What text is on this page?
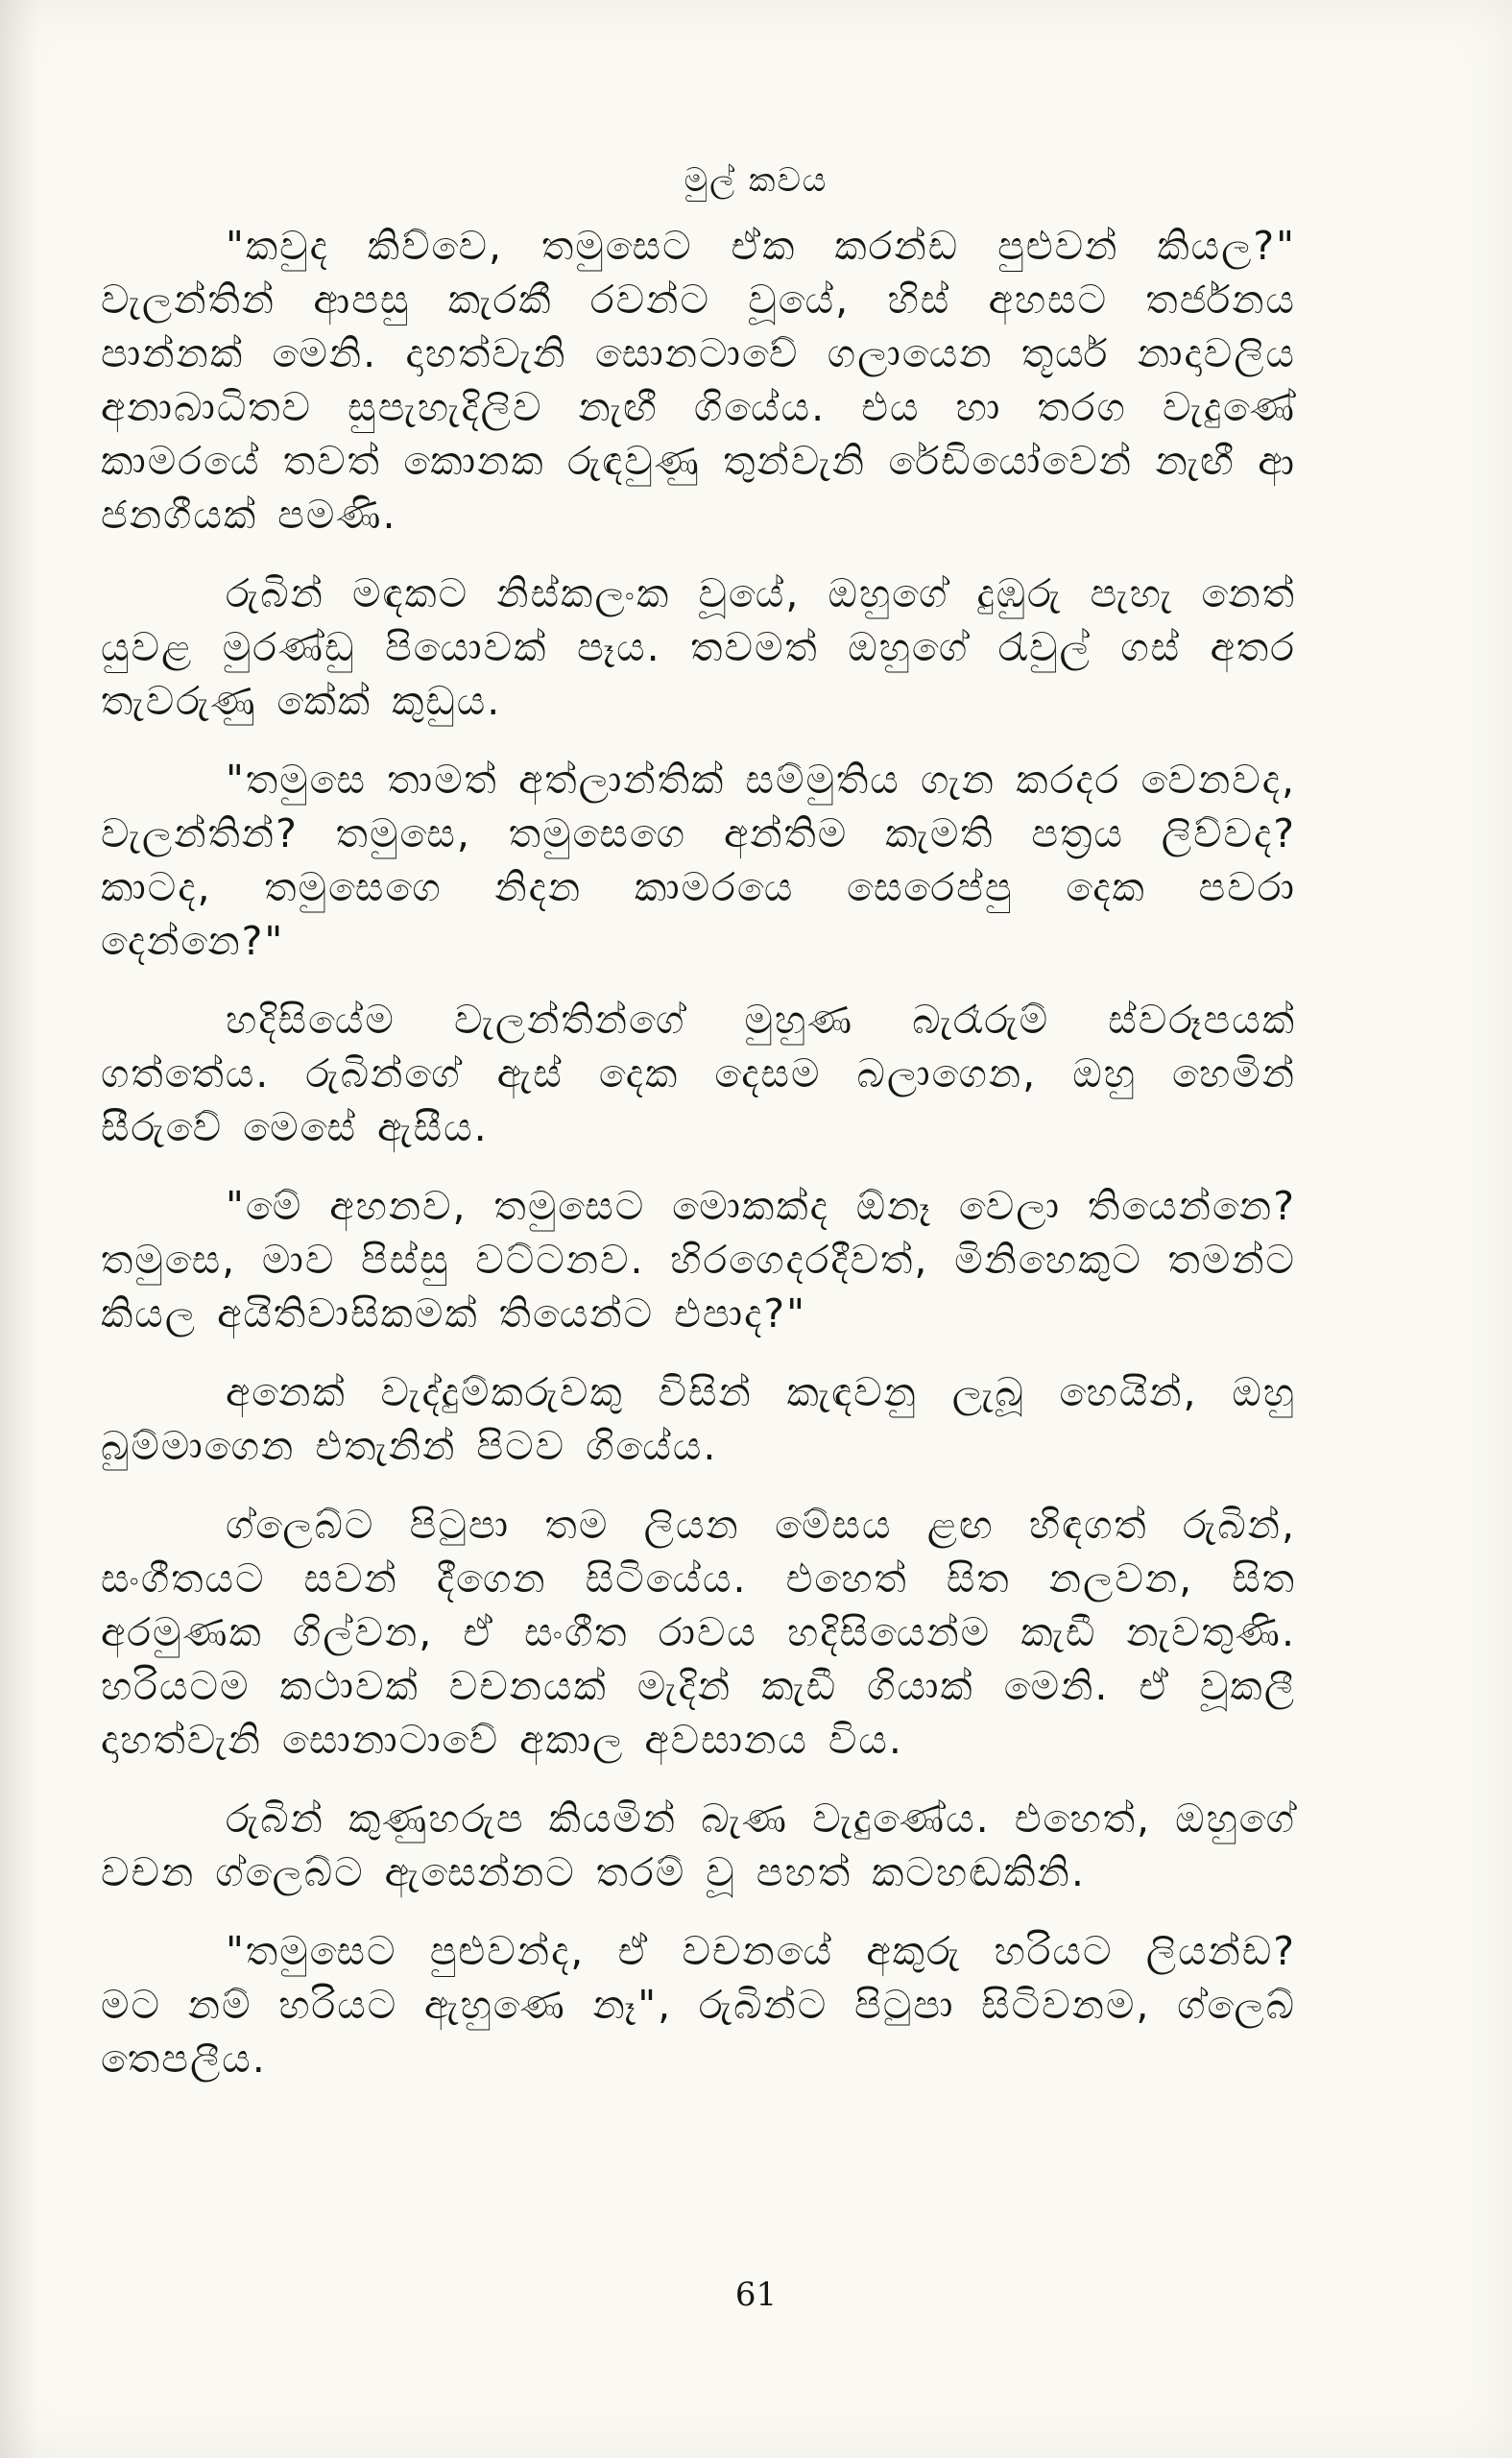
මුල් කවය

"කවුද කිව්වෙ, තමුසෙට ඒක කරන්ඩ පුළුවන් කියල?" වැලන්තින් ආපසු කැරකී රවන්ට වූයේ, හිස් අහසට තර්ජනය පාන්නක් මෙනි. දාහත්වැනි සොනටාවේ ගලායෙන තූර්ය නාදාවලිය අනාබාධිතව සුපැහැදිලිව නැඟී ගියේය. එය හා තරග වැදුණේ කාමරයේ තවත් කොනක රුඳවුණු තුන්වැනි රේඩියෝවෙන් නැඟී ආ ජනගීයක් පමණි.

රුබින් මඳකට නිස්කලංක වූයේ, ඔහුගේ දුඹුරු පැහැ නෙත් යුවළ මුරණ්ඩු පියොවක් පෑය. තවමත් ඔහුගේ රැවුල් ගස් අතර තැවරුණු කේක් කුඩුය.

"තමුසෙ තාමත් අත්ලාන්තික් සම්මුතිය ගැන කරදර වෙනවද, වැලන්තින්? තමුසෙ, තමුසෙගෙ අන්තිම කැමති පත්‍රය ලිව්වද? කාටද, තමුසෙගෙ නිදන කාමරයෙ සෙරෙප්පු දෙක පවරා දෙන්නෙ?"

හදිසියේම වැලන්තින්ගේ මුහුණ බැරෑරුම් ස්වරූපයක් ගත්තේය. රුබින්ගේ ඇස් දෙක දෙසම බලාගෙන, ඔහු හෙමින් සීරුවේ මෙසේ ඇසීය.

"මේ අහනව, තමුසෙට මොකක්ද ඕනෑ වෙලා තියෙන්නෙ? තමුසෙ, මාව පිස්සු වට්ටනව. හිරගෙදරදීවත්, මිනිහෙකුට තමන්ට කියල අයිතිවාසිකමක් තියෙන්ට එපාද?"

අනෙක් වැද්දුම්කරුවකු විසින් කැඳවනු ලැබූ හෙයින්, ඔහු බුම්මාගෙන එතැනින් පිටව ගියේය.

ග්ලෙබ්ට පිටුපා තම ලියන මේසය ළඟ හිඳගත් රුබින්, සංගීතයට සවන් දීගෙන සිටියේය. එහෙත් සිත නලවන, සිත අරමුණක ගිල්වන, ඒ සංගීත රාවය හදිසියෙන්ම කැඩී නැවතුණි. හරියටම කථාවක් වචනයක් මැදින් කැඩී ගියාක් මෙනි. ඒ වූකලී දාහත්වැනි සොනාටාවේ අකාල අවසානය විය.

රුබින් කුණුහරුප කියමින් බැණ වැදුණේය. එහෙත්, ඔහුගේ වචන ග්ලෙබ්ට ඇසෙන්නට තරම් වූ පහත් කටහඬකිනි.

"තමුසෙට පුළුවන්ද, ඒ වචනයේ අකුරු හරියට ලියන්ඩ? මට නම් හරියට ඇහුණෙ නෑ", රුබින්ට පිටුපා සිටිවනම, ග්ලෙබ් තෙපලීය.

61
